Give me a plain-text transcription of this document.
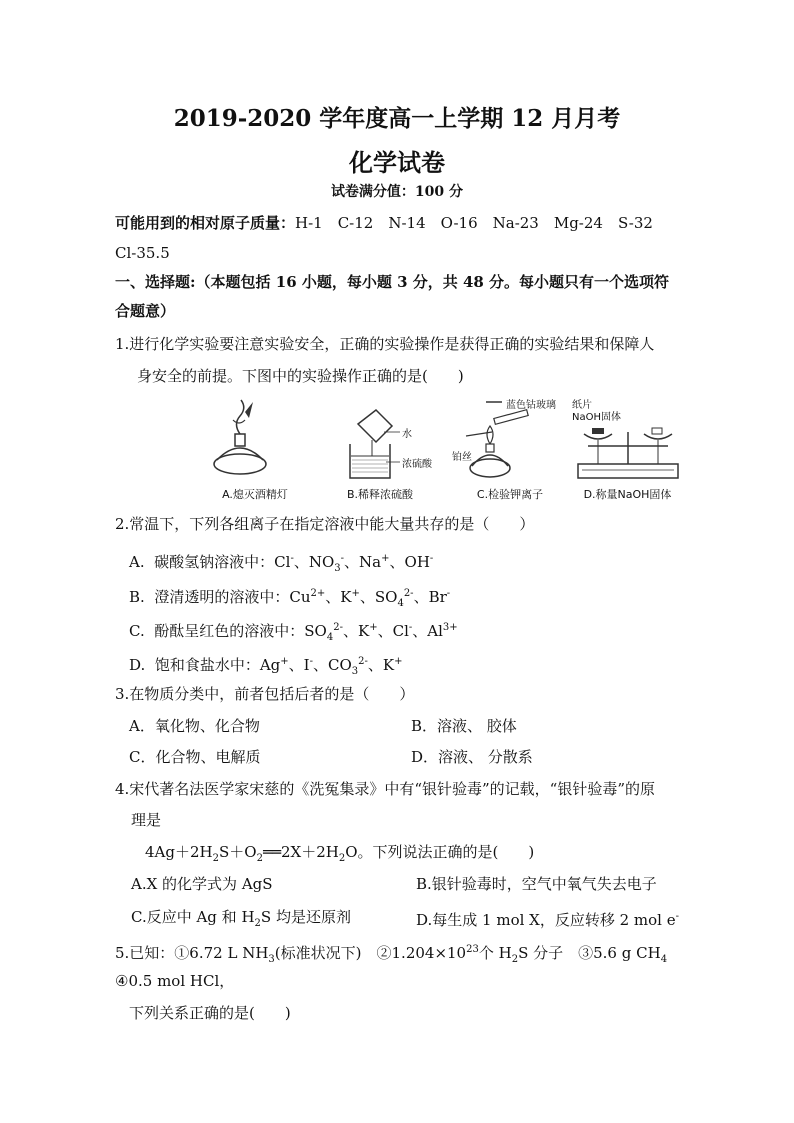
2019-2020 学年度高一上学期 12 月月考
化学试卷
试卷满分值：100 分
可能用到的相对原子质量：H-1　C-12　N-14　O-16　Na-23　Mg-24　S-32
Cl-35.5
一、选择题:（本题包括 16 小题，每小题 3 分，共 48 分。每小题只有一个选项符
合题意）
1.进行化学实验要注意实验安全，正确的实验操作是获得正确的实验结果和保障人
身安全的前提。下图中的实验操作正确的是(　　)
A.熄灭酒精灯
水
浓硫酸
B.稀释浓硫酸
蓝色钴玻璃
铂丝
C.检验钾离子
纸片
NaOH固体
D.称量NaOH固体
2.常温下，下列各组离子在指定溶液中能大量共存的是（　　）
A. 碳酸氢钠溶液中：Cl-、$NO_3^-$、Na+、OH-
B. 澄清透明的溶液中：$Cu^{2+}$、K+、$SO_4^{2-}$、Br-
C. 酚酞呈红色的溶液中：$SO_4^{2-}$、K+、Cl-、$Al^{3+}$
D. 饱和食盐水中：Ag+、I-、$CO_3^{2-}$、K+
3.在物质分类中，前者包括后者的是（　　）
A．氧化物、化合物	B．溶液、 胶体
C．化合物、电解质	D．溶液、 分散系
4.宋代著名法医学家宋慈的《洗冤集录》中有“银针验毒”的记载，“银针验毒”的原
理是
$4Ag+2H_2S+O_2══2X+2H_2O$。下列说法正确的是(　　)
A.X 的化学式为 AgS	B.银针验毒时，空气中氧气失去电子
C.反应中 Ag 和 $H_2S$ 均是还原剂	D.每生成 1 mol X，反应转移 2 mol e-
5.已知：①6.72 L $NH_3$(标准状况下)　$②1.204\times 10^{23}$个 $H_2S$ 分子　③5.6 g $CH_4$
④0.5 mol HCl，
下列关系正确的是(　　)
